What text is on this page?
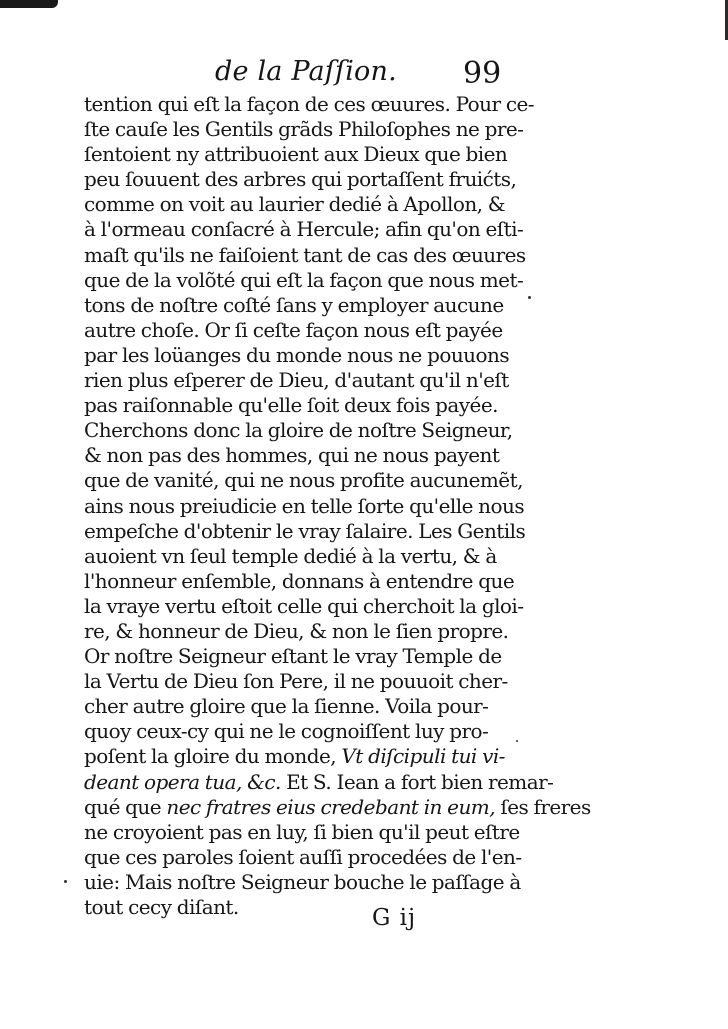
de la Paſſion. 99
tention qui eſt la façon de ces œuures. Pour ce-
ſte cauſe les Gentils grãds Philoſophes ne pre-
ſentoient ny attribuoient aux Dieux que bien
peu ſouuent des arbres qui portaſſent fruićts,
comme on voit au laurier dedié à Apollon, &
à l'ormeau conſacré à Hercule; afin qu'on eſti-
maſt qu'ils ne faiſoient tant de cas des œuures
que de la volõté qui eſt la façon que nous met-
tons de noſtre coſté ſans y employer aucune
autre choſe. Or ſi ceſte façon nous eſt payée
par les loüanges du monde nous ne pouuons
rien plus eſperer de Dieu, d'autant qu'il n'eſt
pas raiſonnable qu'elle ſoit deux fois payée.
Cherchons donc la gloire de noſtre Seigneur,
& non pas des hommes, qui ne nous payent
que de vanité, qui ne nous profite aucunemẽt,
ains nous preiudicie en telle ſorte qu'elle nous
empeſche d'obtenir le vray ſalaire. Les Gentils
auoient vn ſeul temple dedié à la vertu, & à
l'honneur enſemble, donnans à entendre que
la vraye vertu eſtoit celle qui cherchoit la gloi-
re, & honneur de Dieu, & non le ſien propre.
Or noſtre Seigneur eſtant le vray Temple de
la Vertu de Dieu ſon Pere, il ne pouuoit cher-
cher autre gloire que la ſienne. Voila pour-
quoy ceux-cy qui ne le cognoiſſent luy pro-
poſent la gloire du monde, Vt diſcipuli tui vi-
deant opera tua, &c. Et S. Iean a fort bien remar-
qué que nec fratres eius credebant in eum, ſes freres
ne croyoient pas en luy, ſi bien qu'il peut eſtre
que ces paroles ſoient auſſi procedées de l'en-
uie: Mais noſtre Seigneur bouche le paſſage à
tout cecy diſant.	G ij
